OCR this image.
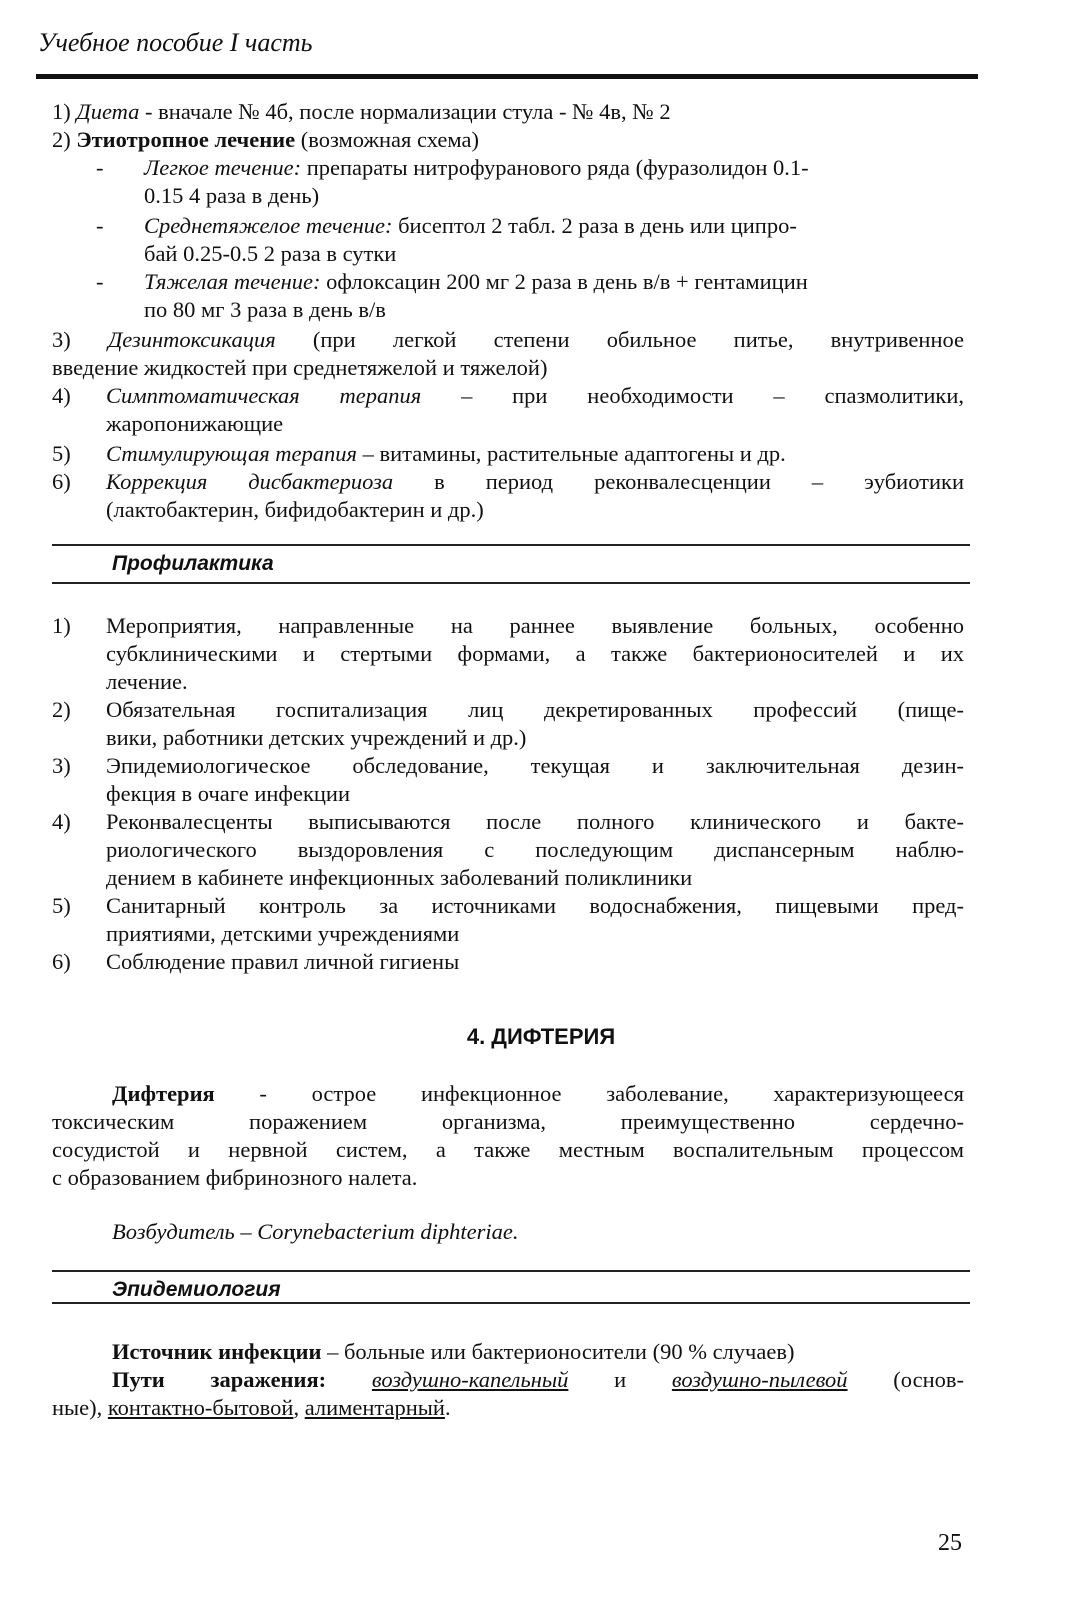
Учебное пособие I часть
1) Диета - вначале № 4б, после нормализации стула - № 4в, № 2
2) Этиотропное лечение (возможная схема)
- Легкое течение: препараты нитрофуранового ряда (фуразолидон 0.1-
0.15 4 раза в день)
- Среднетяжелое течение: бисептол 2 табл. 2 раза в день или ципро-
бай 0.25-0.5 2 раза в сутки
- Тяжелая течение: офлоксацин 200 мг 2 раза в день в/в + гентамицин
по 80 мг 3 раза в день в/в
3) Дезинтоксикация (при легкой степени обильное питье, внутривенное
введение жидкостей при среднетяжелой и тяжелой)
4) Симптоматическая терапия – при необходимости – спазмолитики,
жаропонижающие
5) Стимулирующая терапия – витамины, растительные адаптогены и др.
6) Коррекция дисбактериоза в период реконвалесценции – эубиотики
(лактобактерин, бифидобактерин и др.)
Профилактика
1) Мероприятия, направленные на раннее выявление больных, особенно
субклиническими и стертыми формами, а также бактерионосителей и их
лечение.
2) Обязательная госпитализация лиц декретированных профессий (пище-
вики, работники детских учреждений и др.)
3) Эпидемиологическое обследование, текущая и заключительная дезин-
фекция в очаге инфекции
4) Реконвалесценты выписываются после полного клинического и бакте-
риологического выздоровления с последующим диспансерным наблю-
дением в кабинете инфекционных заболеваний поликлиники
5) Санитарный контроль за источниками водоснабжения, пищевыми пред-
приятиями, детскими учреждениями
6) Соблюдение правил личной гигиены
4. ДИФТЕРИЯ
Дифтерия - острое инфекционное заболевание, характеризующееся
токсическим поражением организма, преимущественно сердечно-
сосудистой и нервной систем, а также местным воспалительным процессом
с образованием фибринозного налета.
Возбудитель – Corynebacterium diphteriae.
Эпидемиология
Источник инфекции – больные или бактерионосители (90 % случаев)
Пути заражения: воздушно-капельный и воздушно-пылевой (основ-
ные), контактно-бытовой, алиментарный.
25
